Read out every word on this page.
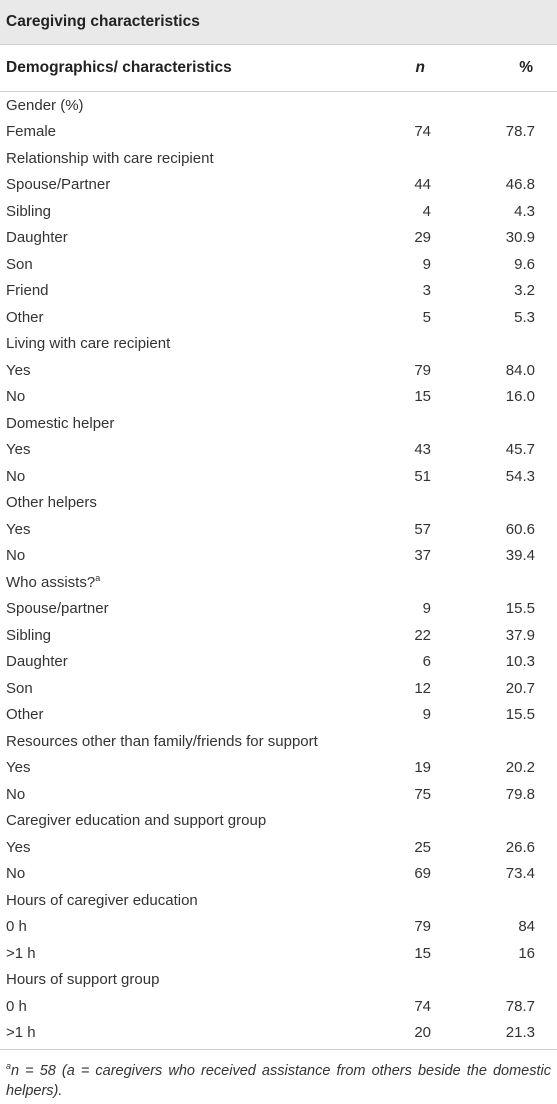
Caregiving characteristics
Demographics/ characteristics	n	%
Gender (%)
Female	74	78.7
Relationship with care recipient
Spouse/Partner	44	46.8
Sibling	4	4.3
Daughter	29	30.9
Son	9	9.6
Friend	3	3.2
Other	5	5.3
Living with care recipient
Yes	79	84.0
No	15	16.0
Domestic helper
Yes	43	45.7
No	51	54.3
Other helpers
Yes	57	60.6
No	37	39.4
Who assists?$^a$
Spouse/partner	9	15.5
Sibling	22	37.9
Daughter	6	10.3
Son	12	20.7
Other	9	15.5
Resources other than family/friends for support
Yes	19	20.2
No	75	79.8
Caregiver education and support group
Yes	25	26.6
No	69	73.4
Hours of caregiver education
0 h	79	84
>1 h	15	16
Hours of support group
0 h	74	78.7
>1 h	20	21.3
$^a$n = 58 (a = caregivers who received assistance from others beside the domestic helpers).
